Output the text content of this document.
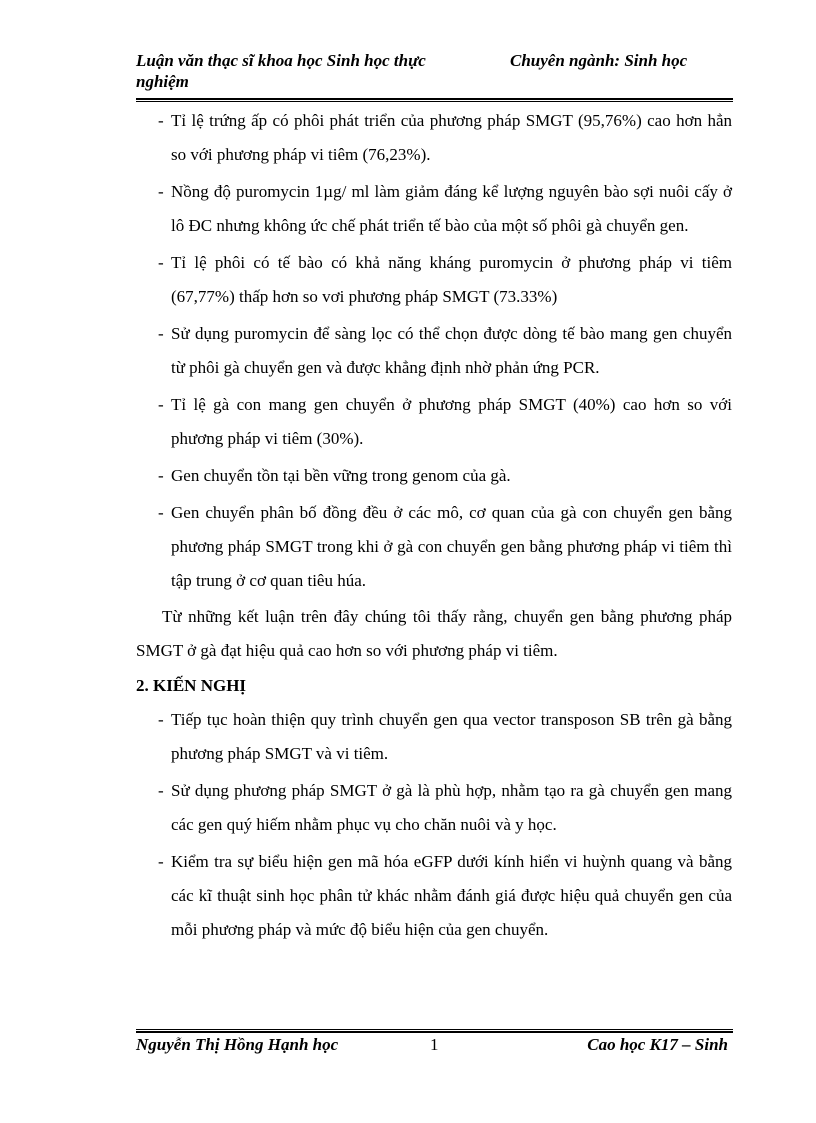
Luận văn thạc sĩ khoa học Sinh học thực nghiệm
Chuyên ngành: Sinh học

- Tỉ lệ trứng ấp có phôi phát triển của phương pháp SMGT (95,76%) cao hơn hẳn so với phương pháp vi tiêm (76,23%).

- Nồng độ puromycin 1µg/ ml làm giảm đáng kể lượng nguyên bào sợi nuôi cấy ở lô ĐC nhưng không ức chế phát triển tế bào của một số phôi gà chuyển gen.

- Tỉ lệ phôi có tế bào có khả năng kháng puromycin ở phương pháp vi tiêm (67,77%) thấp hơn so vơi phương pháp SMGT (73.33%)

- Sử dụng puromycin để sàng lọc có thể chọn được dòng tế bào mang gen chuyển từ phôi gà chuyển gen và được khẳng định nhờ phản ứng PCR.

- Tỉ lệ gà con mang gen chuyển ở phương pháp SMGT (40%) cao hơn so với phương pháp vi tiêm (30%).

- Gen chuyển tồn tại bền vững trong genom của gà.

- Gen chuyển phân bố đồng đều ở các mô, cơ quan của gà con chuyển gen bằng phương pháp SMGT trong khi ở gà con chuyển gen bằng phương pháp vi tiêm thì tập trung ở cơ quan tiêu húa.

Từ những kết luận trên đây chúng tôi thấy rằng, chuyển gen bằng phương pháp SMGT ở gà đạt hiệu quả cao hơn so với phương pháp vi tiêm.

2. KIẾN NGHỊ

- Tiếp tục hoàn thiện quy trình chuyển gen qua vector transposon SB trên gà bằng phương pháp SMGT và vi tiêm.

- Sử dụng phương pháp SMGT ở gà là phù hợp, nhằm tạo ra gà chuyển gen mang các gen quý hiếm nhằm phục vụ cho chăn nuôi và y học.

- Kiểm tra sự biểu hiện gen mã hóa eGFP dưới kính hiển vi huỳnh quang và bằng các kĩ thuật sinh học phân tử khác nhằm đánh giá được hiệu quả chuyển gen của mỗi phương pháp và mức độ biểu hiện của gen chuyển.

Nguyễn Thị Hồng Hạnh học	1	Cao học K17 – Sinh
